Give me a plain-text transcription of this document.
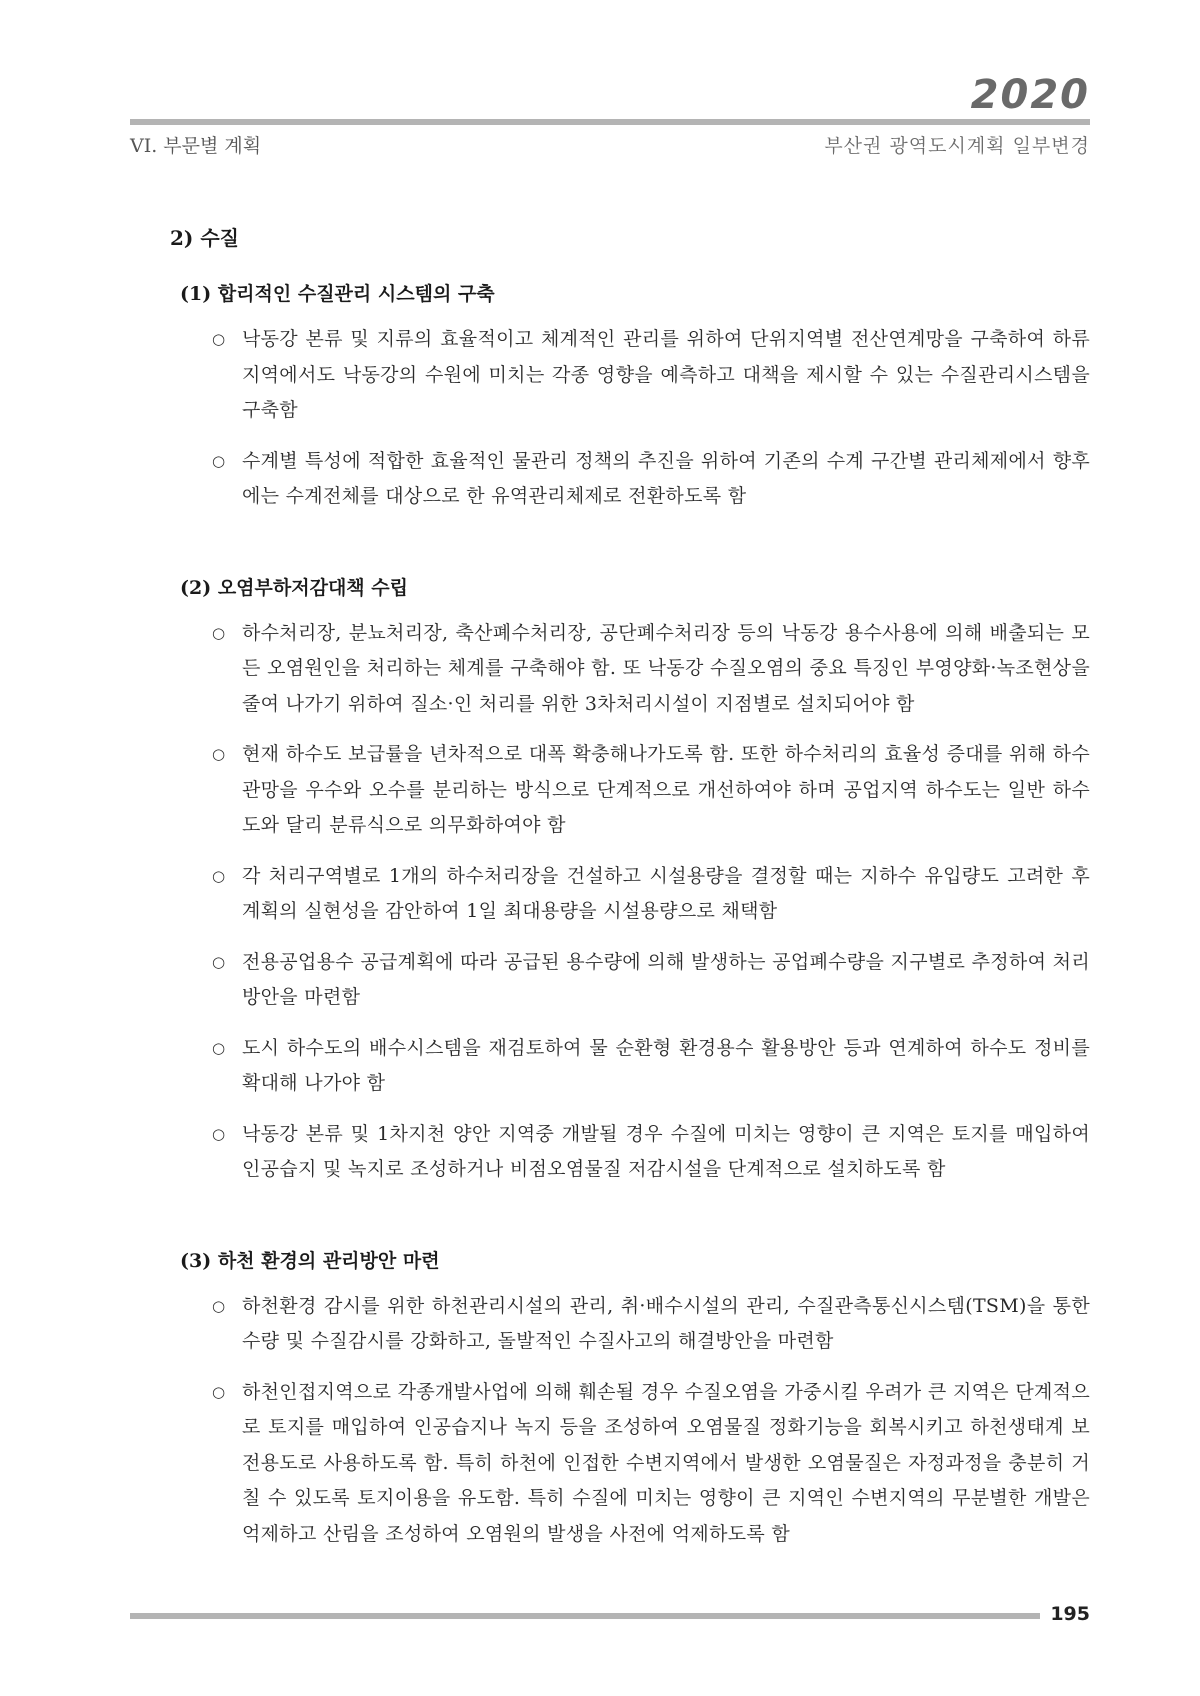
2020
VI. 부문별 계획	부산권 광역도시계획 일부변경
2) 수질
(1) 합리적인 수질관리 시스템의 구축
○ 낙동강 본류 및 지류의 효율적이고 체계적인 관리를 위하여 단위지역별 전산연계망을 구축하여 하류지역에서도 낙동강의 수원에 미치는 각종 영향을 예측하고 대책을 제시할 수 있는 수질관리시스템을 구축함
○ 수계별 특성에 적합한 효율적인 물관리 정책의 추진을 위하여 기존의 수계 구간별 관리체제에서 향후에는 수계전체를 대상으로 한 유역관리체제로 전환하도록 함
(2) 오염부하저감대책 수립
○ 하수처리장, 분뇨처리장, 축산폐수처리장, 공단폐수처리장 등의 낙동강 용수사용에 의해 배출되는 모든 오염원인을 처리하는 체계를 구축해야 함. 또 낙동강 수질오염의 중요 특징인 부영양화·녹조현상을 줄여 나가기 위하여 질소·인 처리를 위한 3차처리시설이 지점별로 설치되어야 함
○ 현재 하수도 보급률을 년차적으로 대폭 확충해나가도록 함. 또한 하수처리의 효율성 증대를 위해 하수관망을 우수와 오수를 분리하는 방식으로 단계적으로 개선하여야 하며 공업지역 하수도는 일반 하수도와 달리 분류식으로 의무화하여야 함
○ 각 처리구역별로 1개의 하수처리장을 건설하고 시설용량을 결정할 때는 지하수 유입량도 고려한 후 계획의 실현성을 감안하여 1일 최대용량을 시설용량으로 채택함
○ 전용공업용수 공급계획에 따라 공급된 용수량에 의해 발생하는 공업폐수량을 지구별로 추정하여 처리방안을 마련함
○ 도시 하수도의 배수시스템을 재검토하여 물 순환형 환경용수 활용방안 등과 연계하여 하수도 정비를 확대해 나가야 함
○ 낙동강 본류 및 1차지천 양안 지역중 개발될 경우 수질에 미치는 영향이 큰 지역은 토지를 매입하여 인공습지 및 녹지로 조성하거나 비점오염물질 저감시설을 단계적으로 설치하도록 함
(3) 하천 환경의 관리방안 마련
○ 하천환경 감시를 위한 하천관리시설의 관리, 취·배수시설의 관리, 수질관측통신시스템(TSM)을 통한 수량 및 수질감시를 강화하고, 돌발적인 수질사고의 해결방안을 마련함
○ 하천인접지역으로 각종개발사업에 의해 훼손될 경우 수질오염을 가중시킬 우려가 큰 지역은 단계적으로 토지를 매입하여 인공습지나 녹지 등을 조성하여 오염물질 정화기능을 회복시키고 하천생태계 보전용도로 사용하도록 함. 특히 하천에 인접한 수변지역에서 발생한 오염물질은 자정과정을 충분히 거칠 수 있도록 토지이용을 유도함. 특히 수질에 미치는 영향이 큰 지역인 수변지역의 무분별한 개발은 억제하고 산림을 조성하여 오염원의 발생을 사전에 억제하도록 함
195
